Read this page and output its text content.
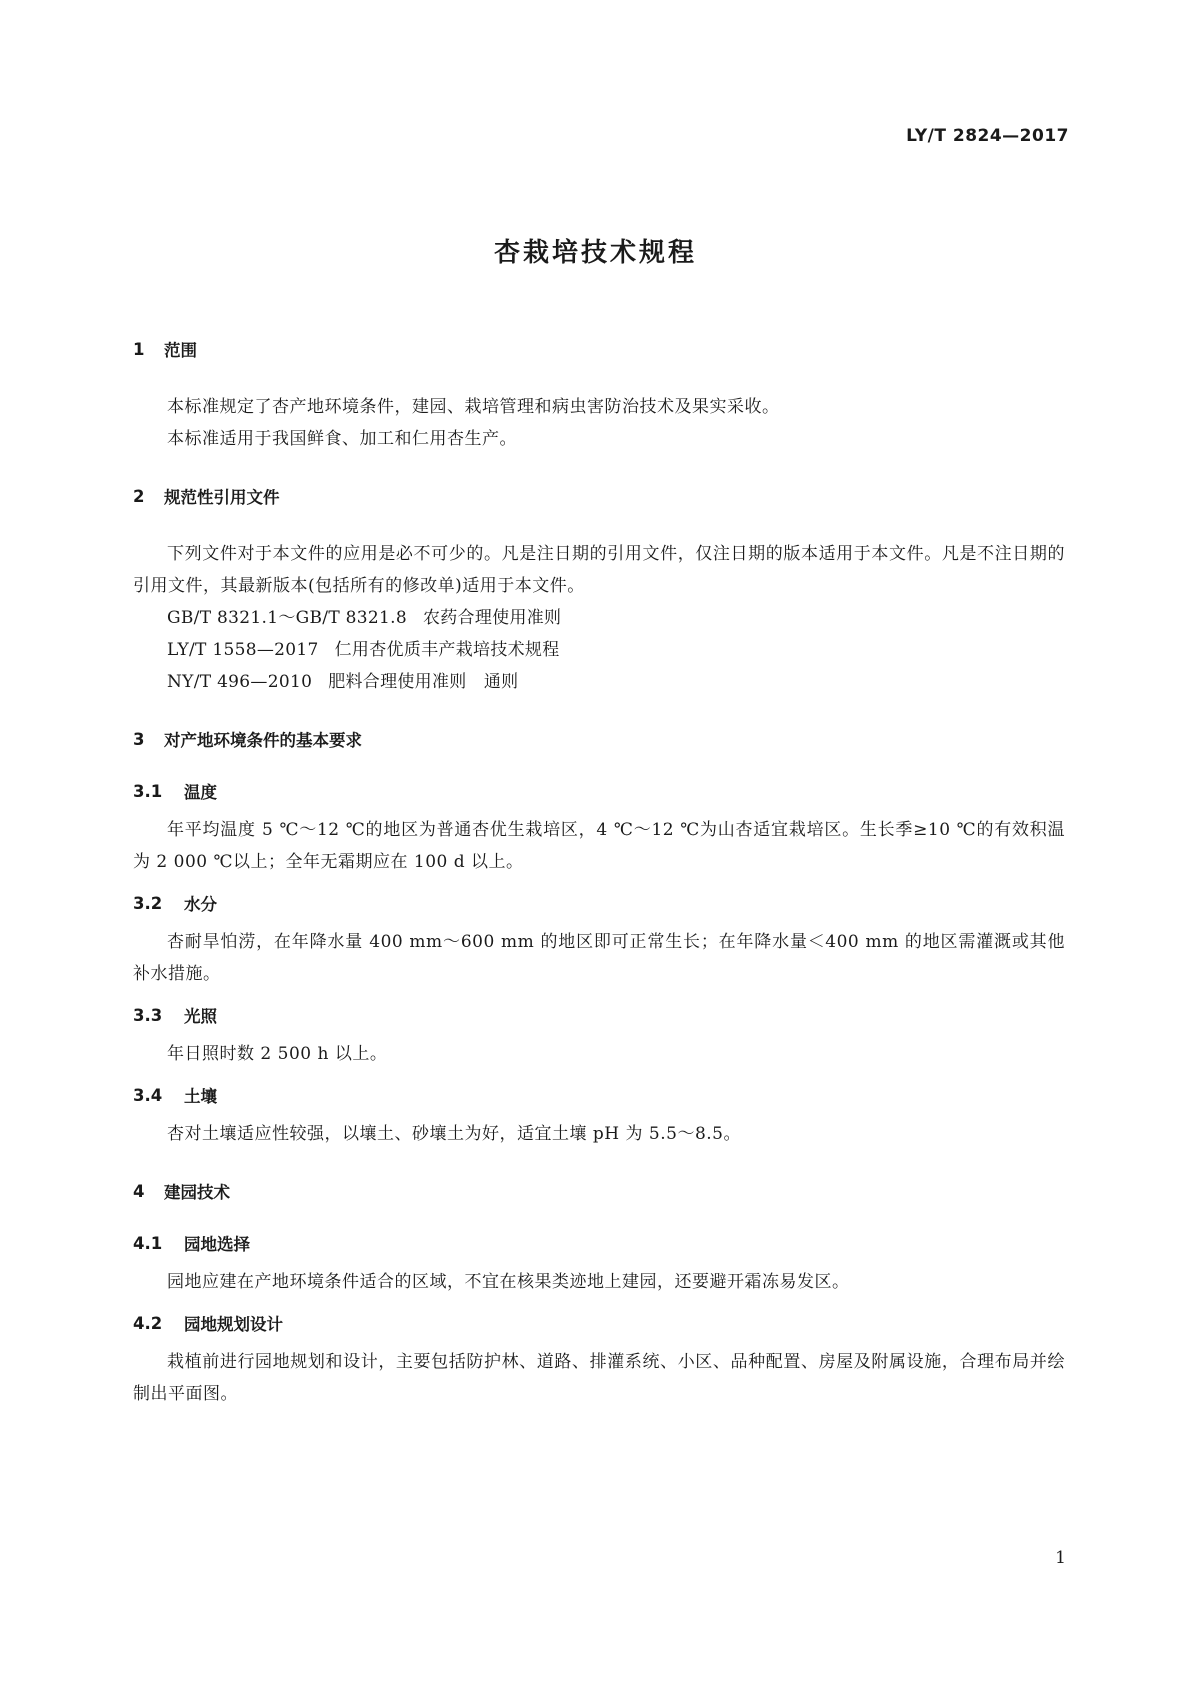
LY/T 2824—2017
杏栽培技术规程
1	范围
本标准规定了杏产地环境条件，建园、栽培管理和病虫害防治技术及果实采收。
本标准适用于我国鲜食、加工和仁用杏生产。
2	规范性引用文件
下列文件对于本文件的应用是必不可少的。凡是注日期的引用文件，仅注日期的版本适用于本文件。凡是不注日期的引用文件，其最新版本(包括所有的修改单)适用于本文件。
GB/T 8321.1～GB/T 8321.8 农药合理使用准则
LY/T 1558—2017 仁用杏优质丰产栽培技术规程
NY/T 496—2010 肥料合理使用准则　通则
3	对产地环境条件的基本要求
3.1	温度
年平均温度 5 ℃～12 ℃的地区为普通杏优生栽培区，4 ℃～12 ℃为山杏适宜栽培区。生长季≥10 ℃的有效积温为 2 000 ℃以上；全年无霜期应在 100 d 以上。
3.2	水分
杏耐旱怕涝，在年降水量 400 mm～600 mm 的地区即可正常生长；在年降水量＜400 mm 的地区需灌溉或其他补水措施。
3.3	光照
年日照时数 2 500 h 以上。
3.4	土壤
杏对土壤适应性较强，以壤土、砂壤土为好，适宜土壤 pH 为 5.5～8.5。
4	建园技术
4.1	园地选择
园地应建在产地环境条件适合的区域，不宜在核果类迹地上建园，还要避开霜冻易发区。
4.2	园地规划设计
栽植前进行园地规划和设计，主要包括防护林、道路、排灌系统、小区、品种配置、房屋及附属设施，合理布局并绘制出平面图。
1
